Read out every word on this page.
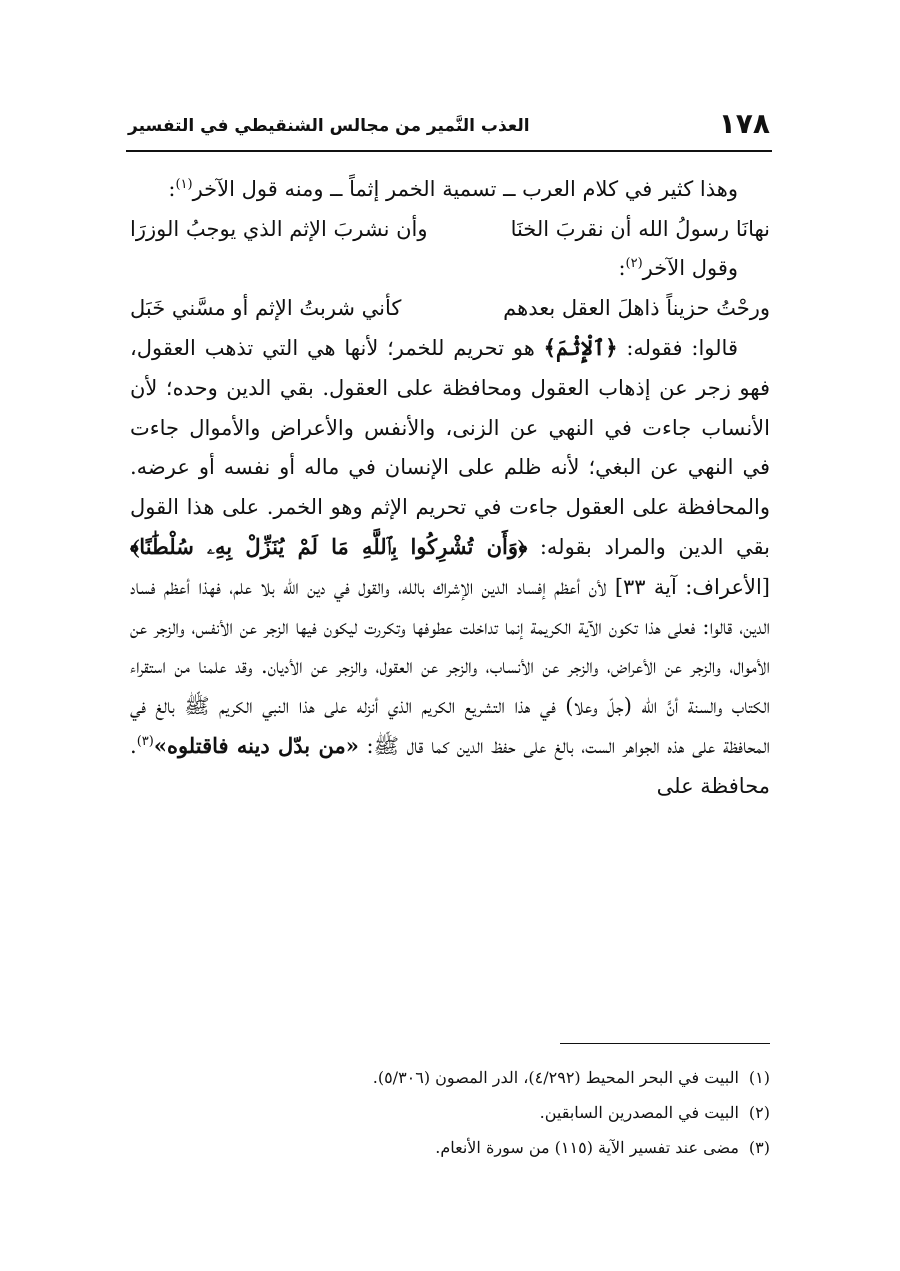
١٧٨
العذب النَّمير من مجالس الشنقيطي في التفسير

وهذا كثير في كلام العرب ــ تسمية الخمر إثماً ــ ومنه قول الآخر$^{(١)}$:

نهانَا رسولُ الله أن نقربَ الخنَا
وأن نشربَ الإثم الذي يوجبُ الوزرَا

وقول الآخر$^{(٢)}$:

ورحْتُ حزيناً ذاهلَ العقل بعدهم
كأني شربتُ الإثم أو مسَّني خَبَل

قالوا: فقوله: ﴿ٱلْإِثْمَ﴾ هو تحريم للخمر؛ لأنها هي التي تذهب العقول، فهو زجر عن إذهاب العقول ومحافظة على العقول. بقي الدين وحده؛ لأن الأنساب جاءت في النهي عن الزنى، والأنفس والأعراض والأموال جاءت في النهي عن البغي؛ لأنه ظلم على الإنسان في ماله أو نفسه أو عرضه. والمحافظة على العقول جاءت في تحريم الإثم وهو الخمر. على هذا القول بقي الدين والمراد بقوله: ﴿وَأَن تُشْرِكُوا بِٱللَّهِ مَا لَمْ يُنَزِّلْ بِهِۦ سُلْطَٰنًا﴾ [الأعراف: آية ٣٣] لأن أعظم إفساد الدين الإشراك بالله، والقول في دين الله بلا علم، فهذا أعظم فساد الدين، قالوا: فعلى هذا تكون الآية الكريمة إنما تداخلت عطوفها وتكررت ليكون فيها الزجر عن الأنفس، والزجر عن الأموال، والزجر عن الأعراض، والزجر عن الأنساب، والزجر عن العقول، والزجر عن الأديان. وقد علمنا من استقراء الكتاب والسنة أنَّ الله (جلّ وعلا) في هذا التشريع الكريم الذي أنزله على هذا النبي الكريم ﷺ بالغ في المحافظة على هذه الجواهر الست، بالغ على حفظ الدين كما قال ﷺ: «من بدّل دينه فاقتلوه»$^{(٣)}$. محافظة على

(١)البيت في البحر المحيط (٤/٢٩٢)، الدر المصون (٥/٣٠٦).

(٢)البيت في المصدرين السابقين.

(٣)مضى عند تفسير الآية (١١٥) من سورة الأنعام.
